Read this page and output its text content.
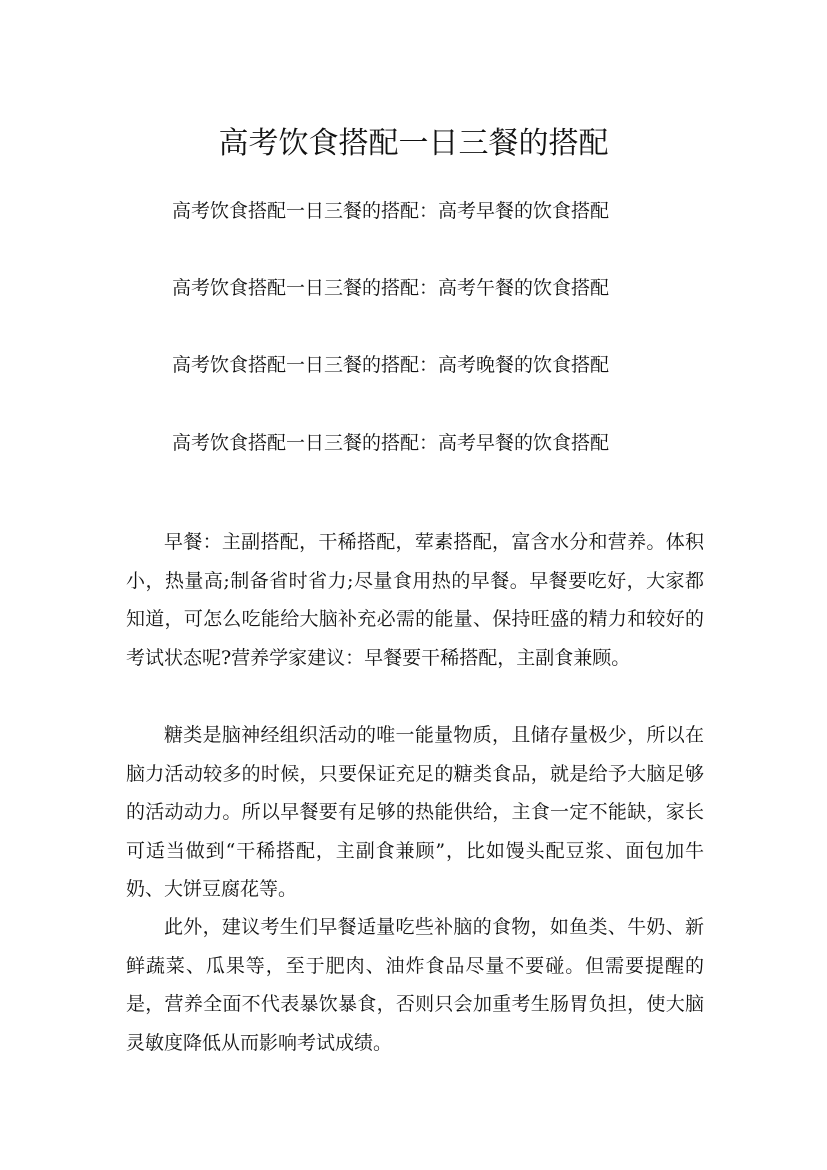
高考饮食搭配一日三餐的搭配
高考饮食搭配一日三餐的搭配：高考早餐的饮食搭配
高考饮食搭配一日三餐的搭配：高考午餐的饮食搭配
高考饮食搭配一日三餐的搭配：高考晚餐的饮食搭配
高考饮食搭配一日三餐的搭配：高考早餐的饮食搭配

早餐：主副搭配，干稀搭配，荤素搭配，富含水分和营养。体积小，热量高;制备省时省力;尽量食用热的早餐。早餐要吃好，大家都知道，可怎么吃能给大脑补充必需的能量、保持旺盛的精力和较好的考试状态呢?营养学家建议：早餐要干稀搭配，主副食兼顾。

糖类是脑神经组织活动的唯一能量物质，且储存量极少，所以在脑力活动较多的时候，只要保证充足的糖类食品，就是给予大脑足够的活动动力。所以早餐要有足够的热能供给，主食一定不能缺，家长可适当做到“干稀搭配，主副食兼顾”，比如馒头配豆浆、面包加牛奶、大饼豆腐花等。

此外，建议考生们早餐适量吃些补脑的食物，如鱼类、牛奶、新鲜蔬菜、瓜果等，至于肥肉、油炸食品尽量不要碰。但需要提醒的是，营养全面不代表暴饮暴食，否则只会加重考生肠胃负担，使大脑灵敏度降低从而影响考试成绩。
